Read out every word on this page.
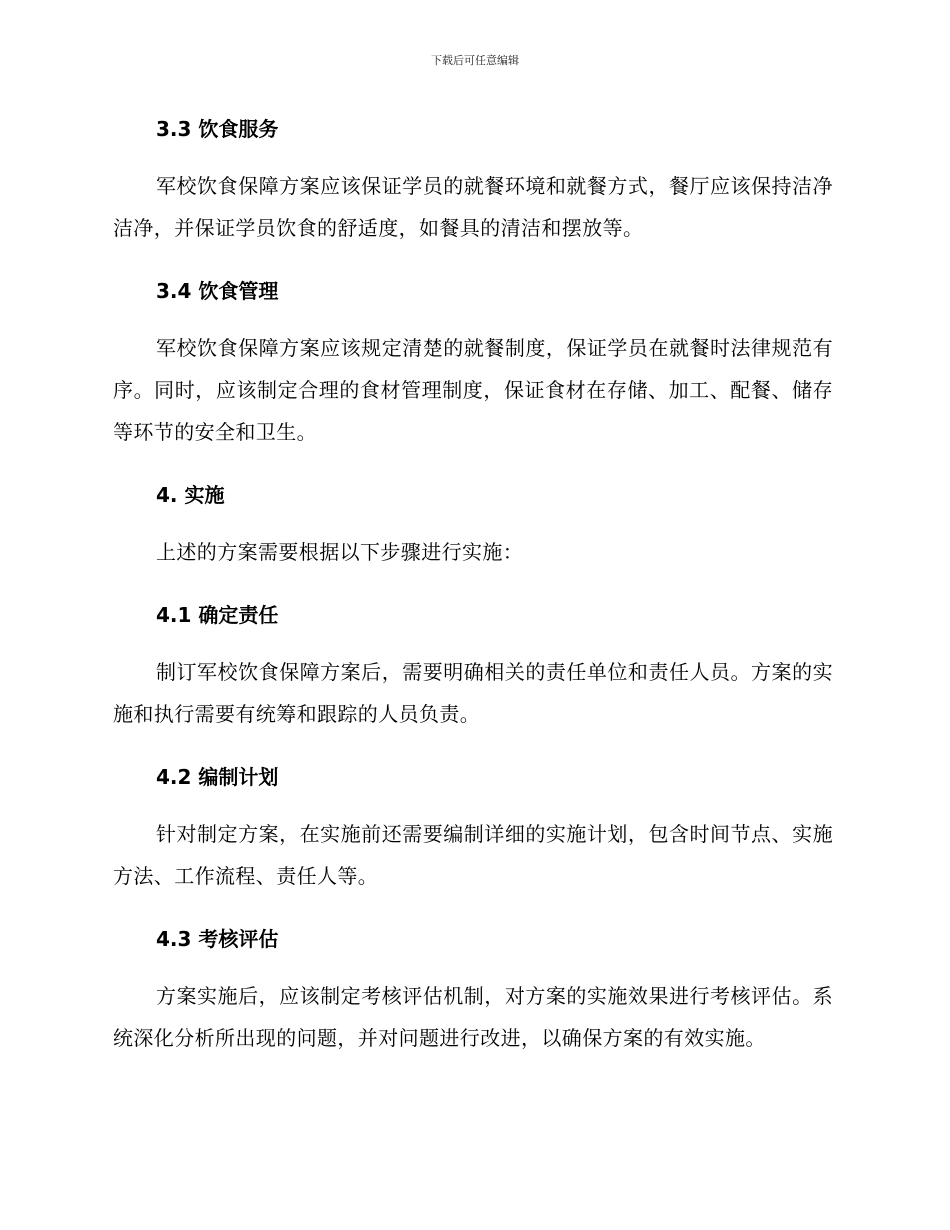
下载后可任意编辑
3.3 饮食服务

军校饮食保障方案应该保证学员的就餐环境和就餐方式，餐厅应该保持洁净洁净，并保证学员饮食的舒适度，如餐具的清洁和摆放等。

3.4 饮食管理

军校饮食保障方案应该规定清楚的就餐制度，保证学员在就餐时法律规范有序。同时，应该制定合理的食材管理制度，保证食材在存储、加工、配餐、储存等环节的安全和卫生。

4. 实施

上述的方案需要根据以下步骤进行实施：

4.1 确定责任

制订军校饮食保障方案后，需要明确相关的责任单位和责任人员。方案的实施和执行需要有统筹和跟踪的人员负责。

4.2 编制计划

针对制定方案，在实施前还需要编制详细的实施计划，包含时间节点、实施方法、工作流程、责任人等。

4.3 考核评估

方案实施后，应该制定考核评估机制，对方案的实施效果进行考核评估。系统深化分析所出现的问题，并对问题进行改进，以确保方案的有效实施。
